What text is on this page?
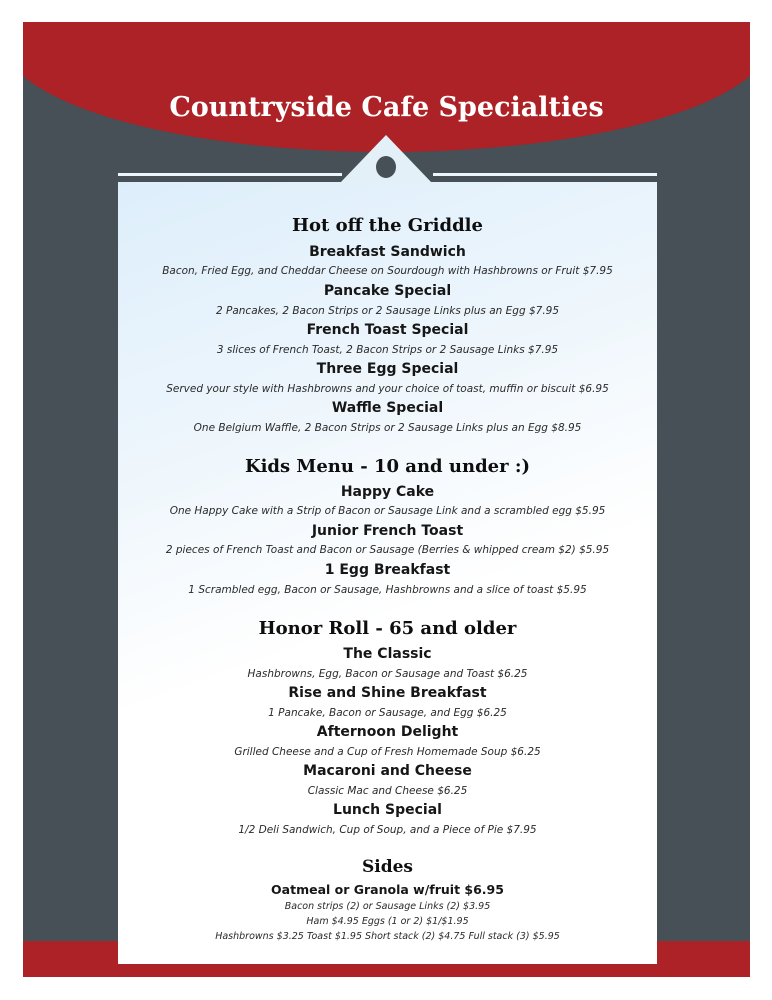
Countryside Cafe Specialties
Hot off the Griddle
Breakfast Sandwich
Bacon, Fried Egg, and Cheddar Cheese on Sourdough with Hashbrowns or Fruit $7.95
Pancake Special
2 Pancakes, 2 Bacon Strips or 2 Sausage Links plus an Egg $7.95
French Toast Special
3 slices of French Toast, 2 Bacon Strips or 2 Sausage Links $7.95
Three Egg Special
Served your style with Hashbrowns and your choice of toast, muffin or biscuit $6.95
Waffle Special
One Belgium Waffle, 2 Bacon Strips or 2 Sausage Links plus an Egg $8.95
Kids Menu - 10 and under :)
Happy Cake
One Happy Cake with a Strip of Bacon or Sausage Link and a scrambled egg $5.95
Junior French Toast
2 pieces of French Toast and Bacon or Sausage (Berries & whipped cream $2) $5.95
1 Egg Breakfast
1 Scrambled egg, Bacon or Sausage, Hashbrowns and a slice of toast $5.95
Honor Roll - 65 and older
The Classic
Hashbrowns, Egg, Bacon or Sausage and Toast $6.25
Rise and Shine Breakfast
1 Pancake, Bacon or Sausage, and Egg $6.25
Afternoon Delight
Grilled Cheese and a Cup of Fresh Homemade Soup $6.25
Macaroni and Cheese
Classic Mac and Cheese $6.25
Lunch Special
1/2 Deli Sandwich, Cup of Soup, and a Piece of Pie $7.95
Sides
Oatmeal or Granola w/fruit $6.95
Bacon strips (2) or Sausage Links (2) $3.95
Ham $4.95 Eggs (1 or 2) $1/$1.95
Hashbrowns $3.25 Toast $1.95 Short stack (2) $4.75 Full stack (3) $5.95
